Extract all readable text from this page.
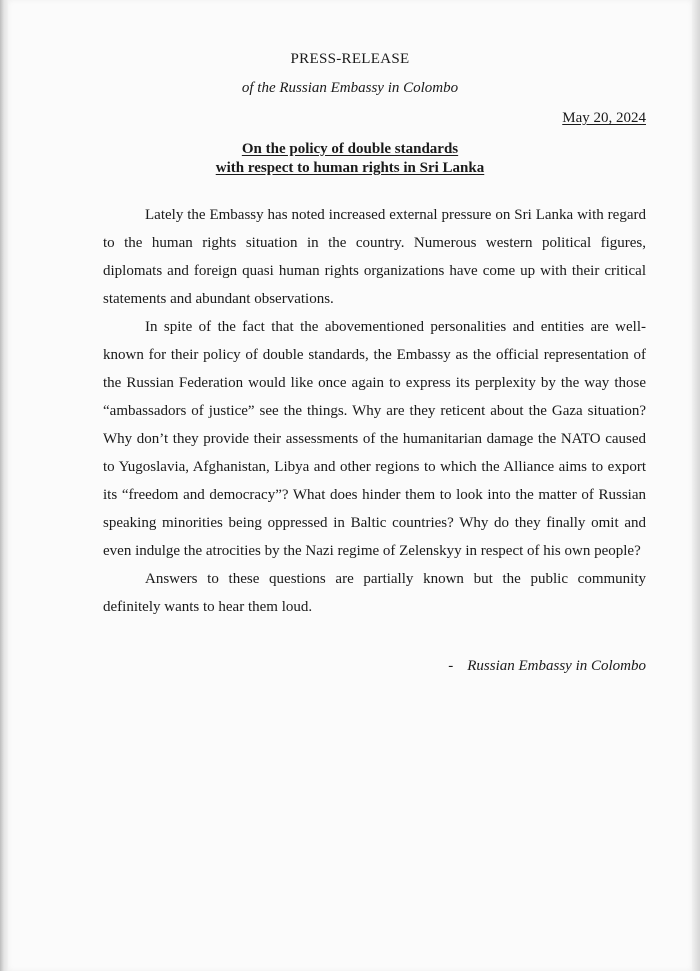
PRESS-RELEASE
of the Russian Embassy in Colombo
May 20, 2024
On the policy of double standards
with respect to human rights in Sri Lanka

Lately the Embassy has noted increased external pressure on Sri Lanka with regard to the human rights situation in the country. Numerous western political figures, diplomats and foreign quasi human rights organizations have come up with their critical statements and abundant observations.

In spite of the fact that the abovementioned personalities and entities are well-known for their policy of double standards, the Embassy as the official representation of the Russian Federation would like once again to express its perplexity by the way those “ambassadors of justice” see the things. Why are they reticent about the Gaza situation? Why don’t they provide their assessments of the humanitarian damage the NATO caused to Yugoslavia, Afghanistan, Libya and other regions to which the Alliance aims to export its “freedom and democracy”? What does hinder them to look into the matter of Russian speaking minorities being oppressed in Baltic countries? Why do they finally omit and even indulge the atrocities by the Nazi regime of Zelenskyy in respect of his own people?

Answers to these questions are partially known but the public community definitely wants to hear them loud.

- Russian Embassy in Colombo
